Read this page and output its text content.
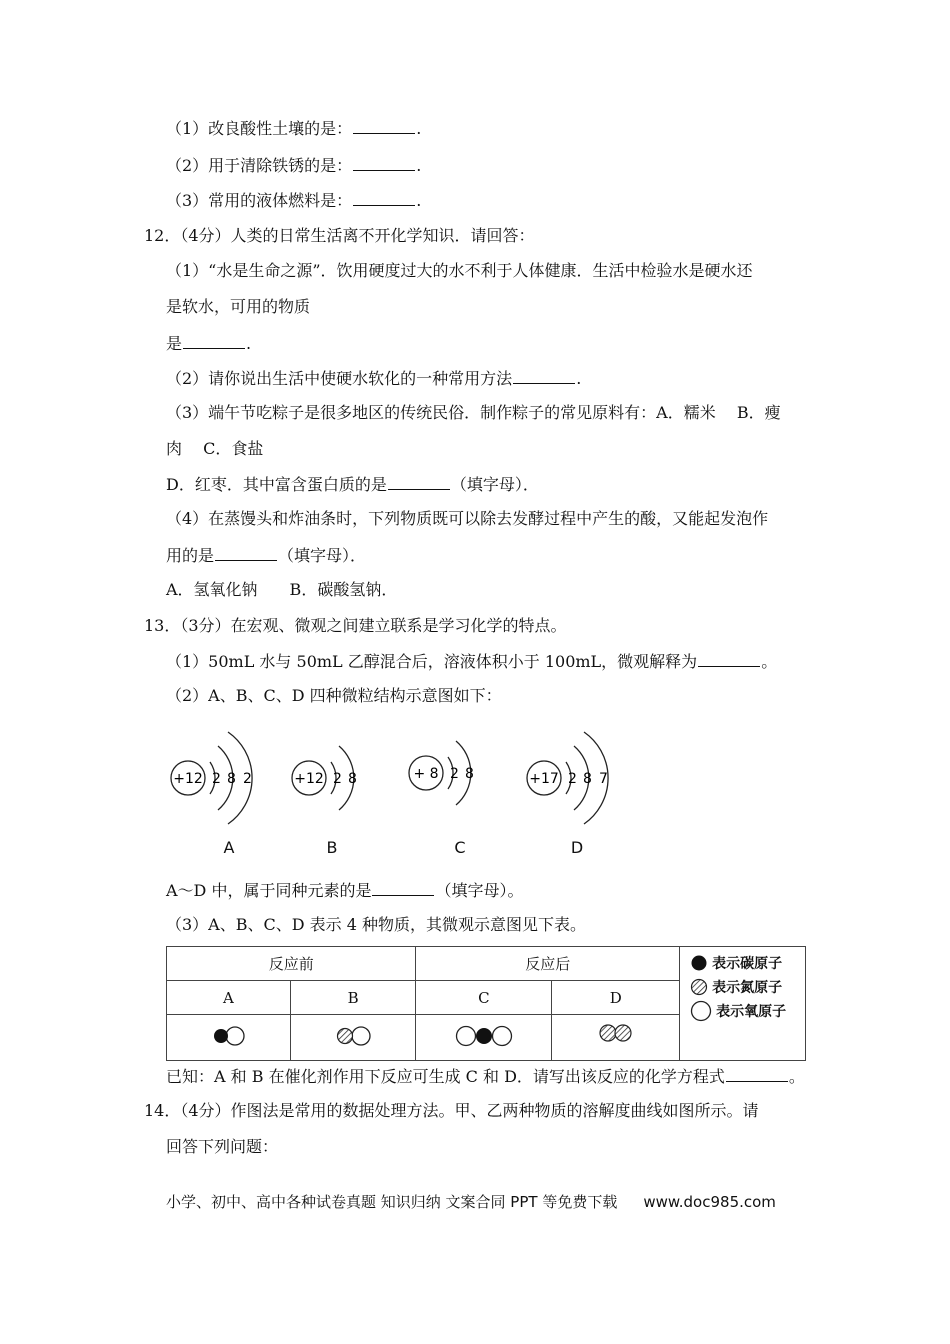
（1）改良酸性土壤的是：	.
（2）用于清除铁锈的是：	.
（3）常用的液体燃料是：	.
12．（4分）人类的日常生活离不开化学知识．请回答：
（1）“水是生命之源”．饮用硬度过大的水不利于人体健康．生活中检验水是硬水还
是软水，可用的物质
是	.
（2）请你说出生活中使硬水软化的一种常用方法	.
（3）端午节吃粽子是很多地区的传统民俗．制作粽子的常见原料有：A．糯米　 B．瘦
肉　 C．食盐
D．红枣．其中富含蛋白质的是	（填字母）．
（4）在蒸馒头和炸油条时，下列物质既可以除去发酵过程中产生的酸，又能起发泡作
用的是	（填字母）．
A．氢氧化钠　　B．碳酸氢钠．
13．（3分）在宏观、微观之间建立联系是学习化学的特点。
（1）50mL 水与 50mL 乙醇混合后，溶液体积小于 100mL，微观解释为	。
（2）A、B、C、D 四种微粒结构示意图如下：
+12 2 8 2	+12 2 8	+ 8 2 8	+17 2 8 7
A	B	C	D
A～D 中，属于同种元素的是	（填字母）。
（3）A、B、C、D 表示 4 种物质，其微观示意图见下表。
反应前		反应后		表示碳原子
表示氮原子
表示氧原子

A	B	C	D	

已知：A 和 B 在催化剂作用下反应可生成 C 和 D．请写出该反应的化学方程式	。
14．（4分）作图法是常用的数据处理方法。甲、乙两种物质的溶解度曲线如图所示。请
回答下列问题：
小学、初中、高中各种试卷真题 知识归纳 文案合同 PPT 等免费下载 www.doc985.com
